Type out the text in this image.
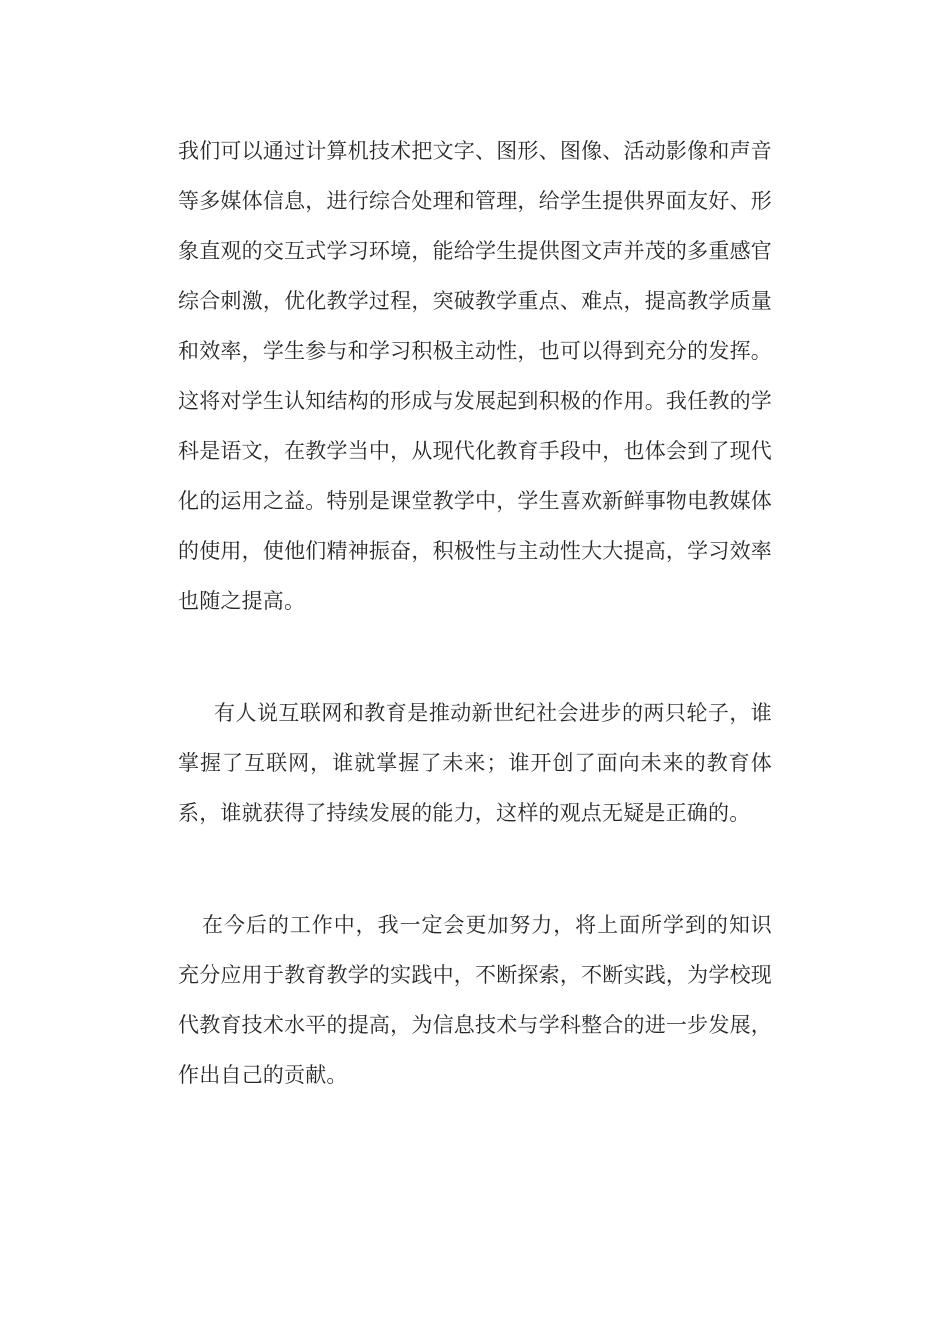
我们可以通过计算机技术把文字、图形、图像、活动影像和声音等多媒体信息，进行综合处理和管理，给学生提供界面友好、形象直观的交互式学习环境，能给学生提供图文声并茂的多重感官综合刺激，优化教学过程，突破教学重点、难点，提高教学质量和效率，学生参与和学习积极主动性，也可以得到充分的发挥。这将对学生认知结构的形成与发展起到积极的作用。我任教的学科是语文，在教学当中，从现代化教育手段中，也体会到了现代化的运用之益。特别是课堂教学中，学生喜欢新鲜事物电教媒体的使用，使他们精神振奋，积极性与主动性大大提高，学习效率也随之提高。

有人说互联网和教育是推动新世纪社会进步的两只轮子，谁掌握了互联网，谁就掌握了未来；谁开创了面向未来的教育体系，谁就获得了持续发展的能力，这样的观点无疑是正确的。

在今后的工作中，我一定会更加努力，将上面所学到的知识充分应用于教育教学的实践中，不断探索，不断实践，为学校现代教育技术水平的提高，为信息技术与学科整合的进一步发展，作出自己的贡献。
